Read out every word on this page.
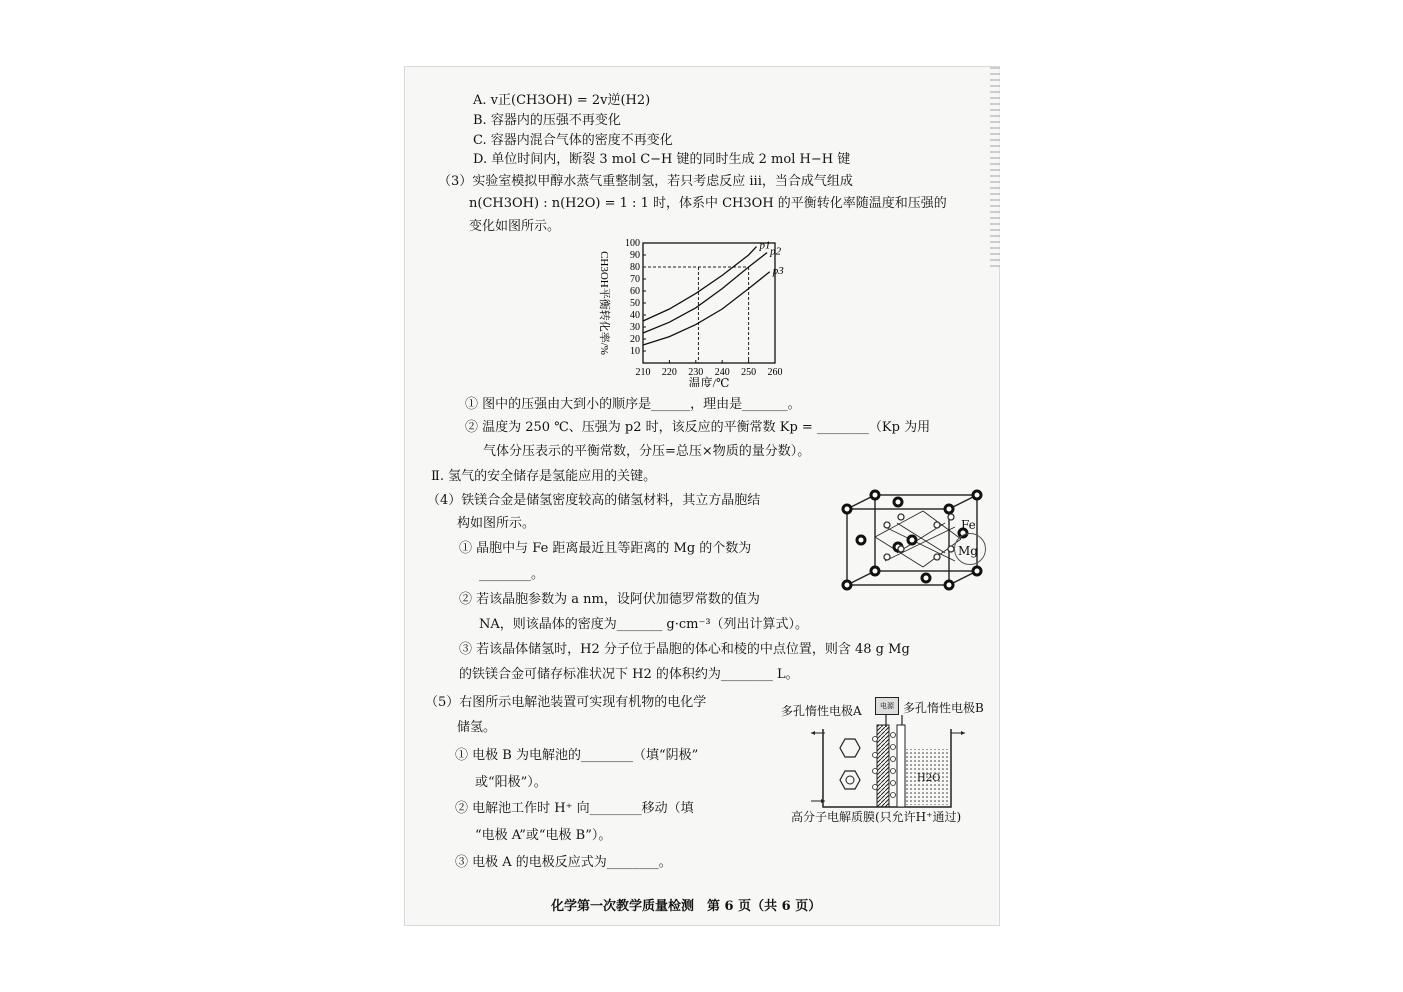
A. v正(CH3OH) = 2v逆(H2)
B. 容器内的压强不再变化
C. 容器内混合气体的密度不再变化
D. 单位时间内，断裂 3 mol C−H 键的同时生成 2 mol H−H 键
（3）实验室模拟甲醇水蒸气重整制氢，若只考虑反应 iii，当合成气组成
n(CH3OH) : n(H2O) = 1 : 1 时，体系中 CH3OH 的平衡转化率随温度和压强的
变化如图所示。
210 220 230 240 250 260
10
20
30
40
50
60
70
80
90
100
温度/℃
CH3OH平衡转化率/%
p1 p2
p3
① 图中的压强由大到小的顺序是______，理由是_______。
② 温度为 250 ℃、压强为 p2 时，该反应的平衡常数 Kp = ________（Kp 为用
气体分压表示的平衡常数，分压=总压×物质的量分数）。
Ⅱ. 氢气的安全储存是氢能应用的关键。
（4）铁镁合金是储氢密度较高的储氢材料，其立方晶胞结
构如图所示。
① 晶胞中与 Fe 距离最近且等距离的 Mg 的个数为
________。
② 若该晶胞参数为 a nm，设阿伏加德罗常数的值为
NA，则该晶体的密度为_______ g·cm⁻³（列出计算式）。
③ 若该晶体储氢时，H2 分子位于晶胞的体心和棱的中点位置，则含 48 g Mg
的铁镁合金可储存标准状况下 H2 的体积约为________ L。
Fe
Mg
（5）右图所示电解池装置可实现有机物的电化学
储氢。
① 电极 B 为电解池的________（填“阴极”
或“阳极”）。
② 电解池工作时 H⁺ 向________移动（填
“电极 A”或“电极 B”）。
③ 电极 A 的电极反应式为________。
多孔惰性电极A	多孔惰性电极B
电源
H2O
高分子电解质膜(只允许H⁺通过)
化学第一次教学质量检测　第 6 页（共 6 页）
